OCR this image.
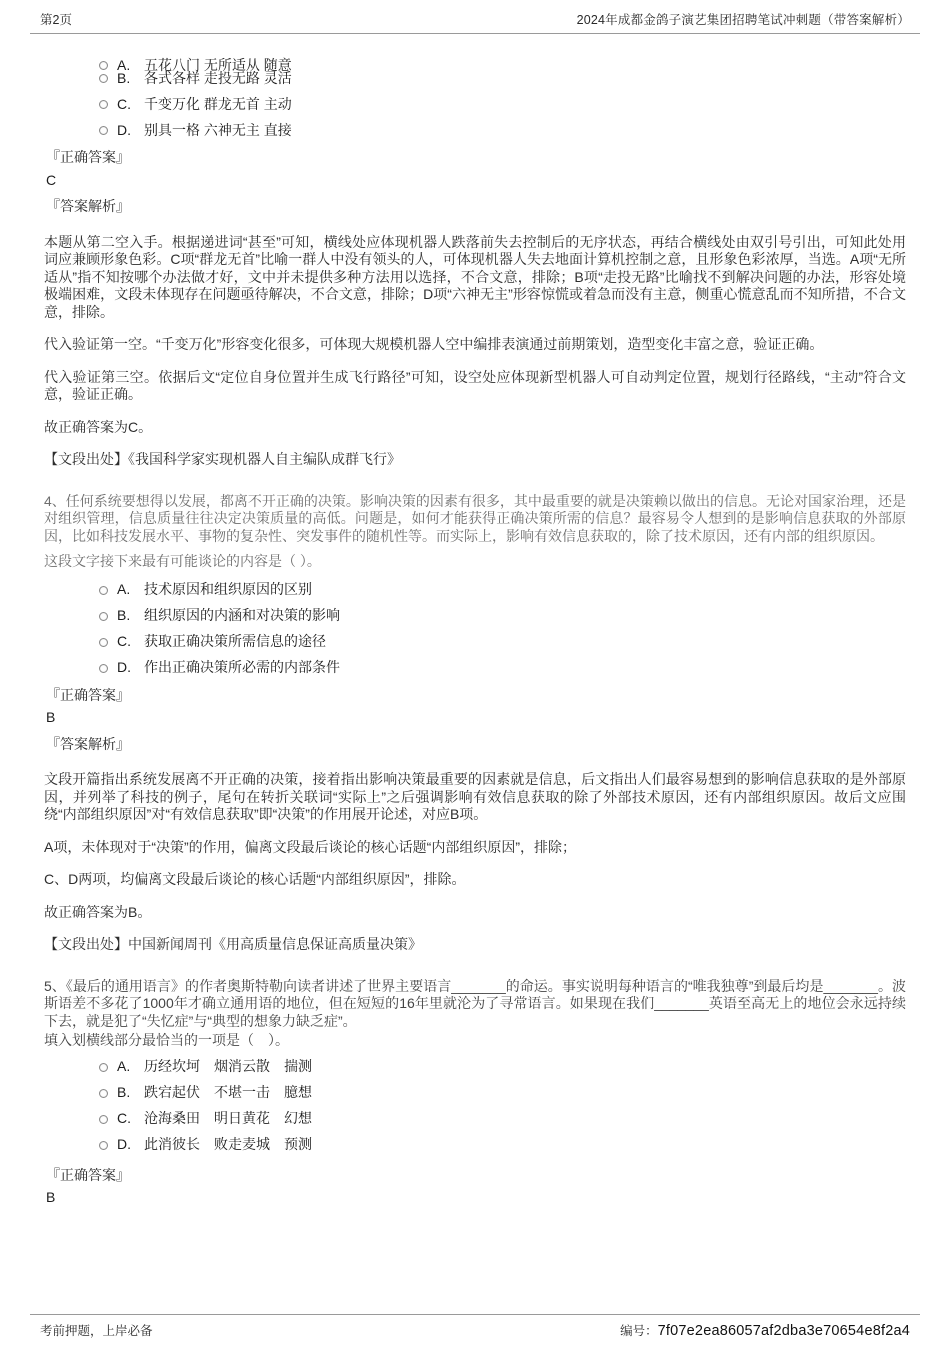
第2页	2024年成都金鸽子演艺集团招聘笔试冲刺题（带答案解析）
A. 五花八门 无所适从 随意
B. 各式各样 走投无路 灵活
C. 千变万化 群龙无首 主动
D. 别具一格 六神无主 直接
『正确答案』
C
『答案解析』
本题从第二空入手。根据递进词“甚至”可知，横线处应体现机器人跌落前失去控制后的无序状态，再结合横线处由双引号引出，可知此处用词应兼顾形象色彩。C项“群龙无首”比喻一群人中没有领头的人，可体现机器人失去地面计算机控制之意，且形象色彩浓厚，当选。A项“无所适从”指不知按哪个办法做才好，文中并未提供多种方法用以选择，不合文意，排除；B项“走投无路”比喻找不到解决问题的办法，形容处境极端困难，文段未体现存在问题亟待解决，不合文意，排除；D项“六神无主”形容惊慌或着急而没有主意，侧重心慌意乱而不知所措，不合文意，排除。
代入验证第一空。“千变万化”形容变化很多，可体现大规模机器人空中编排表演通过前期策划，造型变化丰富之意，验证正确。
代入验证第三空。依据后文“定位自身位置并生成飞行路径”可知，设空处应体现新型机器人可自动判定位置，规划行径路线，“主动”符合文意，验证正确。
故正确答案为C。
【文段出处】《我国科学家实现机器人自主编队成群飞行》
4、任何系统要想得以发展，都离不开正确的决策。影响决策的因素有很多，其中最重要的就是决策赖以做出的信息。无论对国家治理，还是对组织管理，信息质量往往决定决策质量的高低。问题是，如何才能获得正确决策所需的信息？最容易令人想到的是影响信息获取的外部原因，比如科技发展水平、事物的复杂性、突发事件的随机性等。而实际上，影响有效信息获取的，除了技术原因，还有内部的组织原因。
这段文字接下来最有可能谈论的内容是（ ）。
A. 技术原因和组织原因的区别
B. 组织原因的内涵和对决策的影响
C. 获取正确决策所需信息的途径
D. 作出正确决策所必需的内部条件
『正确答案』
B
『答案解析』
文段开篇指出系统发展离不开正确的决策，接着指出影响决策最重要的因素就是信息，后文指出人们最容易想到的影响信息获取的是外部原因，并列举了科技的例子，尾句在转折关联词“实际上”之后强调影响有效信息获取的除了外部技术原因，还有内部组织原因。故后文应围绕“内部组织原因”对“有效信息获取”即“决策”的作用展开论述，对应B项。
A项，未体现对于“决策”的作用，偏离文段最后谈论的核心话题“内部组织原因”，排除；
C、D两项，均偏离文段最后谈论的核心话题“内部组织原因”，排除。
故正确答案为B。
【文段出处】中国新闻周刊《用高质量信息保证高质量决策》
5、《最后的通用语言》的作者奥斯特勒向读者讲述了世界主要语言_______的命运。事实说明每种语言的“唯我独尊”到最后均是_______。波斯语差不多花了1000年才确立通用语的地位，但在短短的16年里就沦为了寻常语言。如果现在我们_______英语至高无上的地位会永远持续下去，就是犯了“失忆症”与“典型的想象力缺乏症”。
填入划横线部分最恰当的一项是（　）。
A. 历经坎坷　烟消云散　揣测
B. 跌宕起伏　不堪一击　臆想
C. 沧海桑田　明日黄花　幻想
D. 此消彼长　败走麦城　预测
『正确答案』
B
考前押题，上岸必备	编号： 7f07e2ea86057af2dba3e70654e8f2a4
